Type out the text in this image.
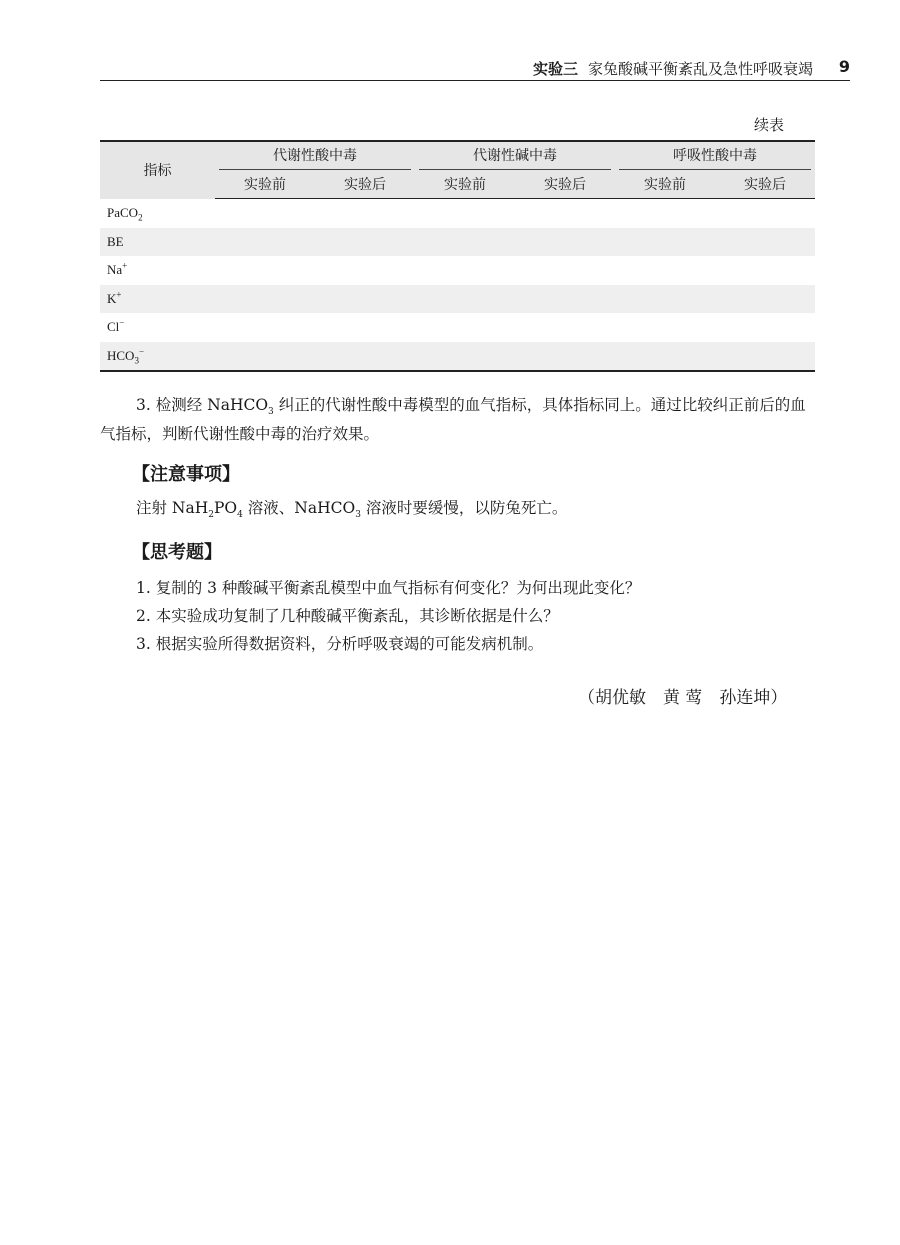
实验三 家兔酸碱平衡紊乱及急性呼吸衰竭 9
续表
指标	代谢性酸中毒		代谢性碱中毒		呼吸性酸中毒	

	实验前	实验后	实验前	实验后	实验前	实验后
PaCO$_2$						
BE						
Na+						
K+						
Cl−						
$HCO_3^-$						
3. 检测经 NaHCO$_3$ 纠正的代谢性酸中毒模型的血气指标，具体指标同上。通过比较纠正前后的血气指标，判断代谢性酸中毒的治疗效果。
【注意事项】
注射 $NaH_2PO_4$ 溶液、NaHCO$_3$ 溶液时要缓慢，以防兔死亡。
【思考题】
1. 复制的 3 种酸碱平衡紊乱模型中血气指标有何变化？为何出现此变化？
2. 本实验成功复制了几种酸碱平衡紊乱，其诊断依据是什么？
3. 根据实验所得数据资料，分析呼吸衰竭的可能发病机制。
（胡优敏　黄 莺　孙连坤）
